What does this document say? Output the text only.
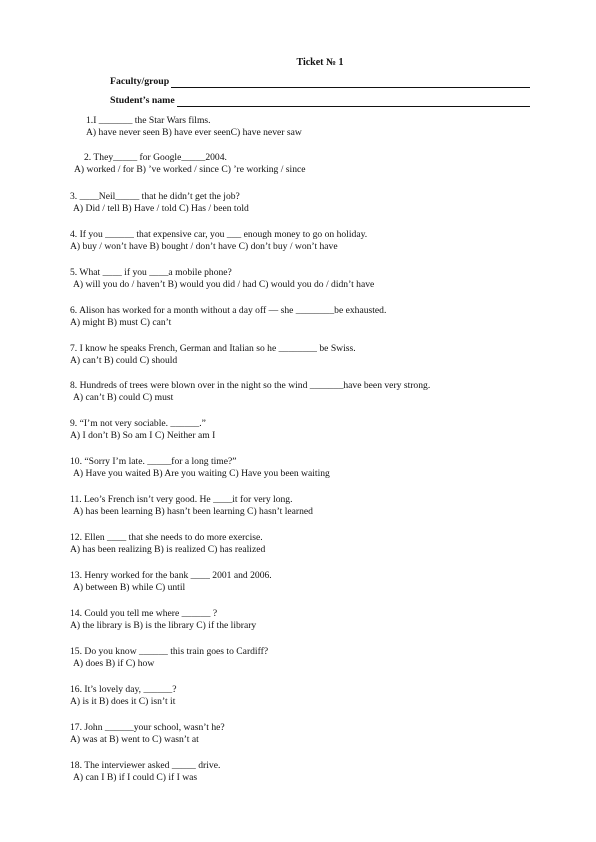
Ticket № 1
Faculty/group
Student’s name
1.I _______ the Star Wars films.
A) have never seen B) have ever seenC) have never saw
2. They_____ for Google_____2004.
A) worked / for B) ’ve worked / since C) ’re working / since
3. ____Neil_____ that he didn’t get the job?
A) Did / tell B) Have / told C) Has / been told
4. If you ______ that expensive car, you ___ enough money to go on holiday.
A) buy / won’t have B) bought / don’t have C) don’t buy / won’t have
5. What ____ if you ____a mobile phone?
A) will you do / haven’t B) would you did / had C) would you do / didn’t have
6. Alison has worked for a month without a day off — she ________be exhausted.
A) might B) must C) can’t
7. I know he speaks French, German and Italian so he ________ be Swiss.
A) can’t B) could C) should
8. Hundreds of trees were blown over in the night so the wind _______have been very strong.
A) can’t B) could C) must
9. “I’m not very sociable. ______.”
A) I don’t B) So am I C) Neither am I
10. “Sorry I’m late. _____for a long time?”
A) Have you waited B) Are you waiting C) Have you been waiting
11. Leo’s French isn’t very good. He ____it for very long.
A) has been learning B) hasn’t been learning C) hasn’t learned
12. Ellen ____ that she needs to do more exercise.
A) has been realizing B) is realized C) has realized
13. Henry worked for the bank ____ 2001 and 2006.
A) between B) while C) until
14. Could you tell me where ______ ?
A) the library is B) is the library C) if the library
15. Do you know ______ this train goes to Cardiff?
A) does B) if C) how
16. It’s lovely day, ______?
A) is it B) does it C) isn’t it
17. John ______your school, wasn’t he?
A) was at B) went to C) wasn’t at
18. The interviewer asked _____ drive.
A) can I B) if I could C) if I was
